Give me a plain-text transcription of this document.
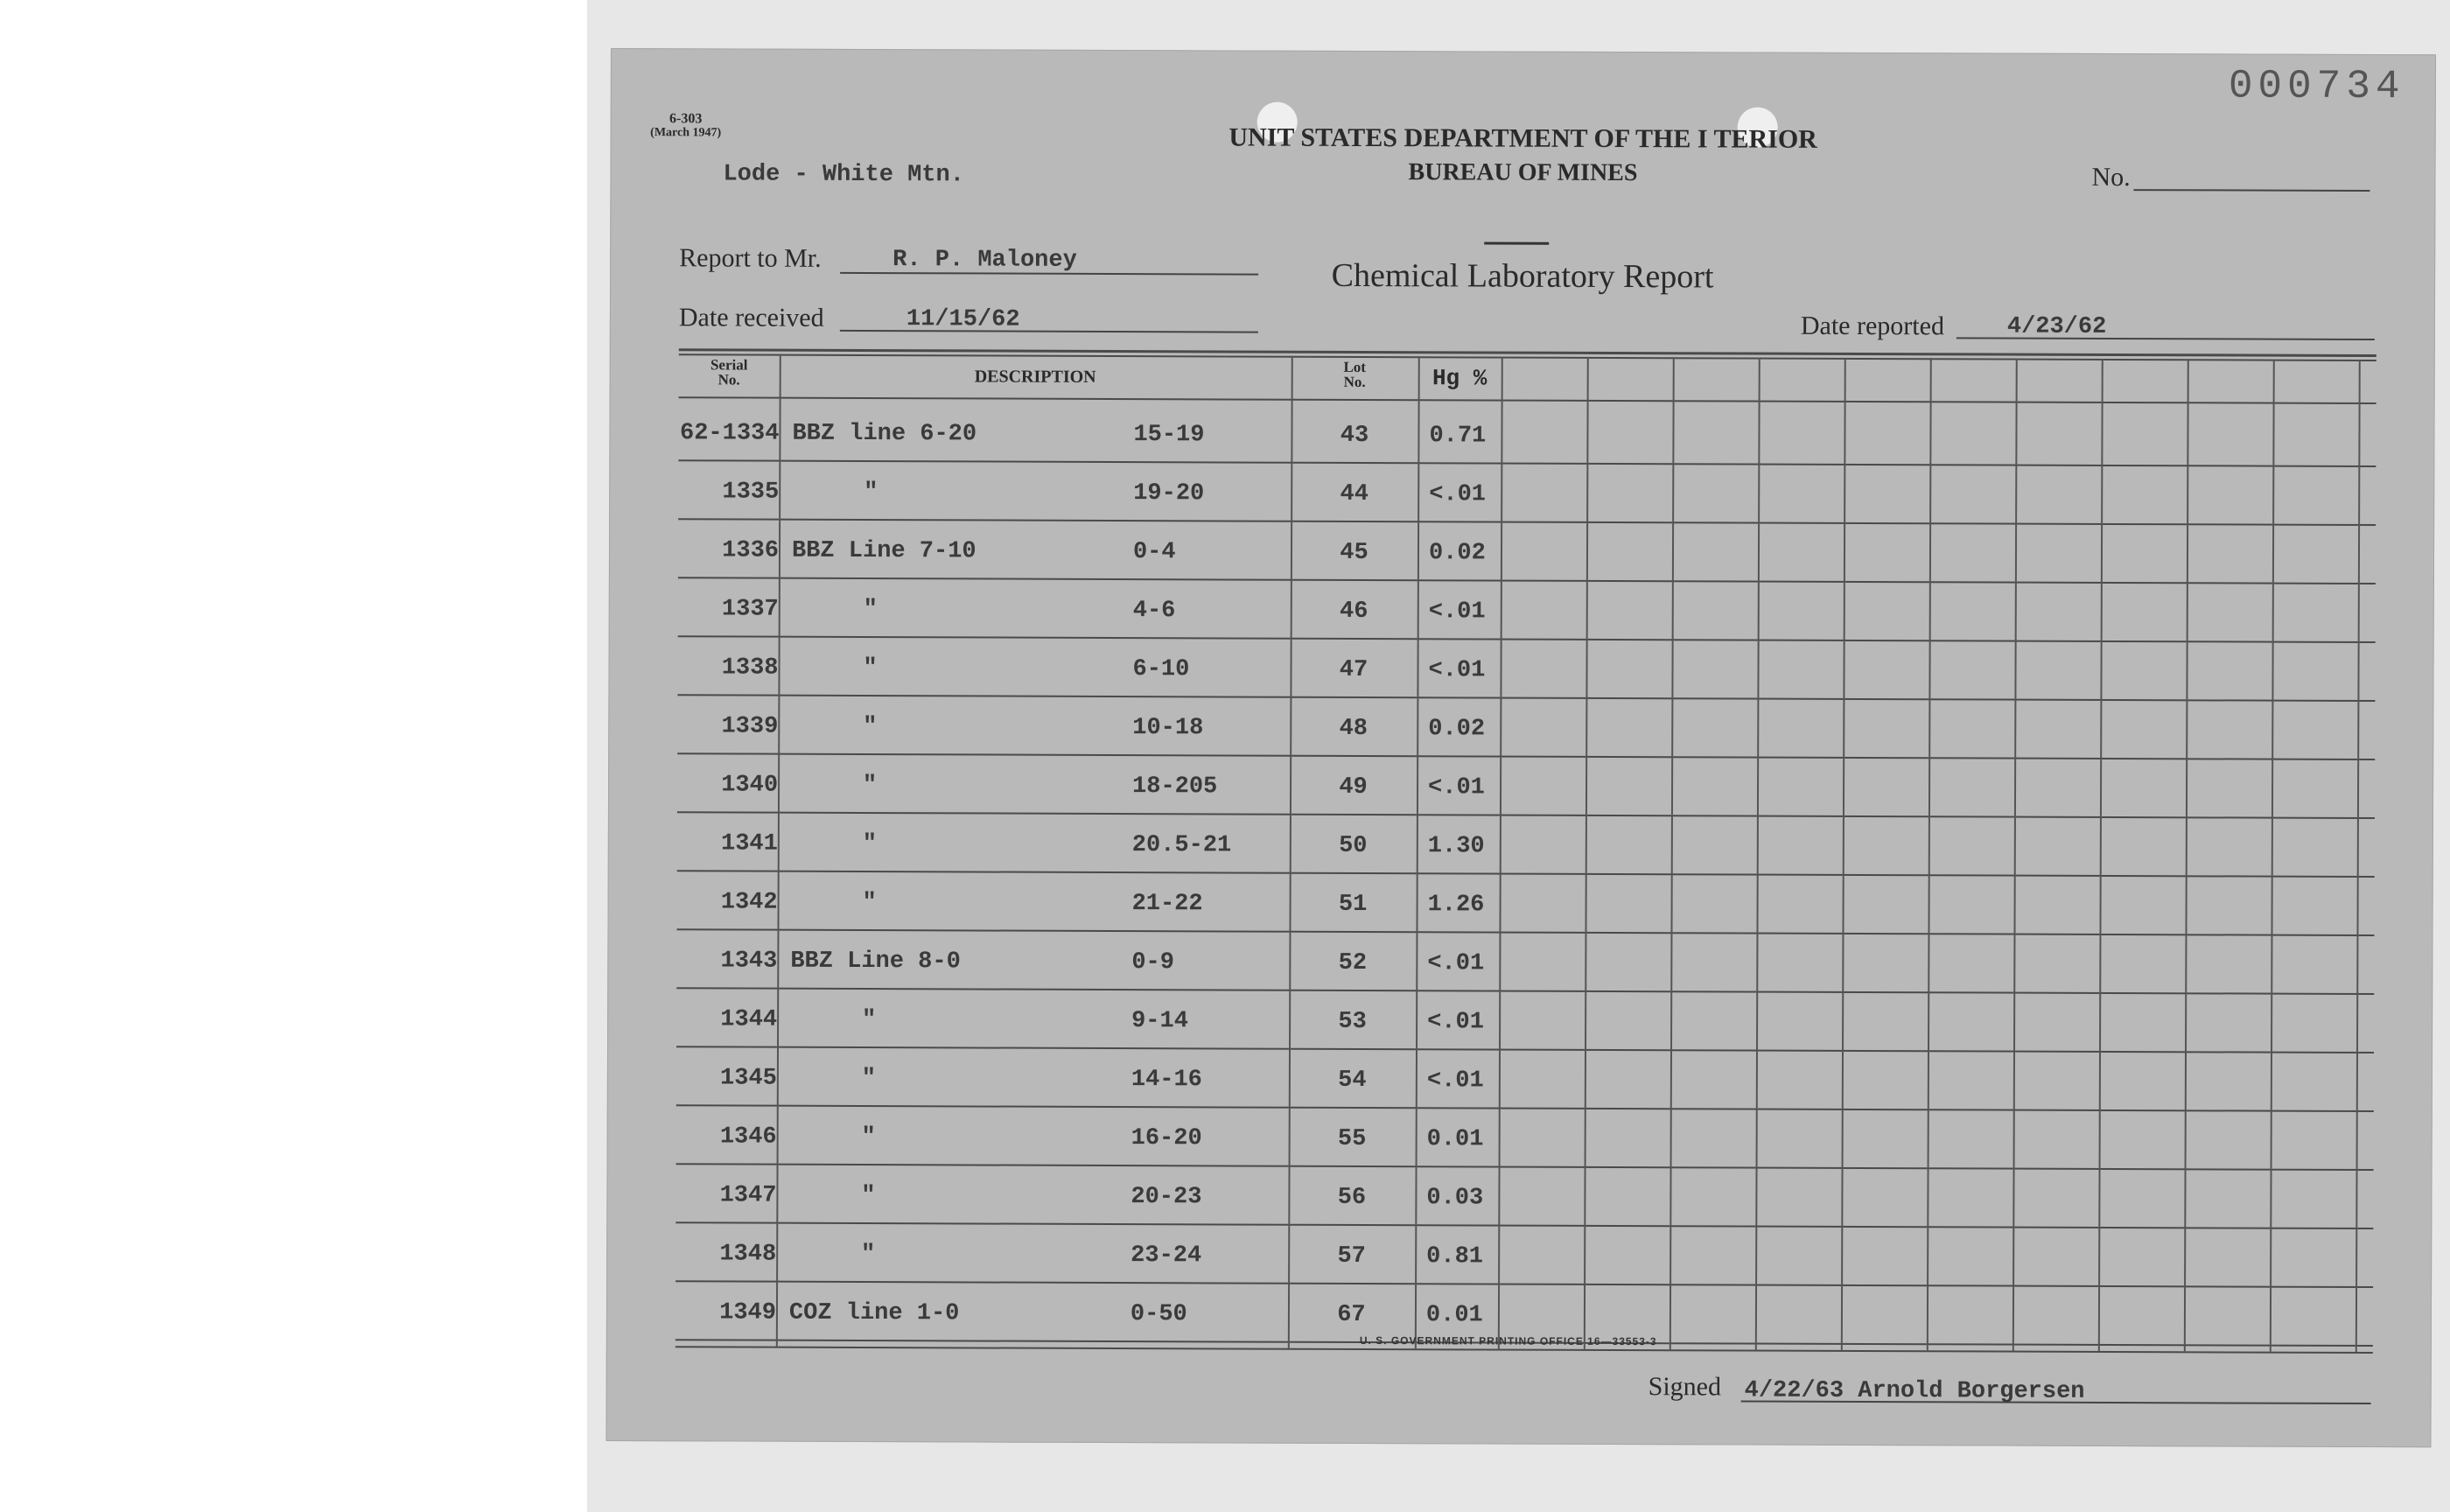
000734
6-303
(March 1947)	UNIT STATES DEPARTMENT OF THE I TERIOR
BUREAU OF MINES
Chemical Laboratory Report
Lode - White Mtn.	No.
Report to Mr.	R. P. Maloney
Date received	11/15/62	Date reported	4/23/62
Serial
No.	DESCRIPTION	Lot
No.	Hg %
62-1334 BBZ line 6-20	15-19	43	0.71
1335	"	19-20	44	<.01
1336 BBZ Line 7-10	0-4	45	0.02
1337	"	4-6	46	<.01
1338	"	6-10	47	<.01
1339	"	10-18	48	0.02
1340	"	18-205	49	<.01
1341	"	20.5-21	50	1.30
1342	"	21-22	51	1.26
1343 BBZ Line 8-0	0-9	52	<.01
1344	"	9-14	53	<.01
1345	"	14-16	54	<.01
1346	"	16-20	55	0.01
1347	"	20-23	56	0.03
1348	"	23-24	57	0.81
1349 COZ line 1-0	0-50	67	0.01
U. S. GOVERNMENT PRINTING OFFICE 16—33553-3
Signed 4/22/63 Arnold Borgersen
